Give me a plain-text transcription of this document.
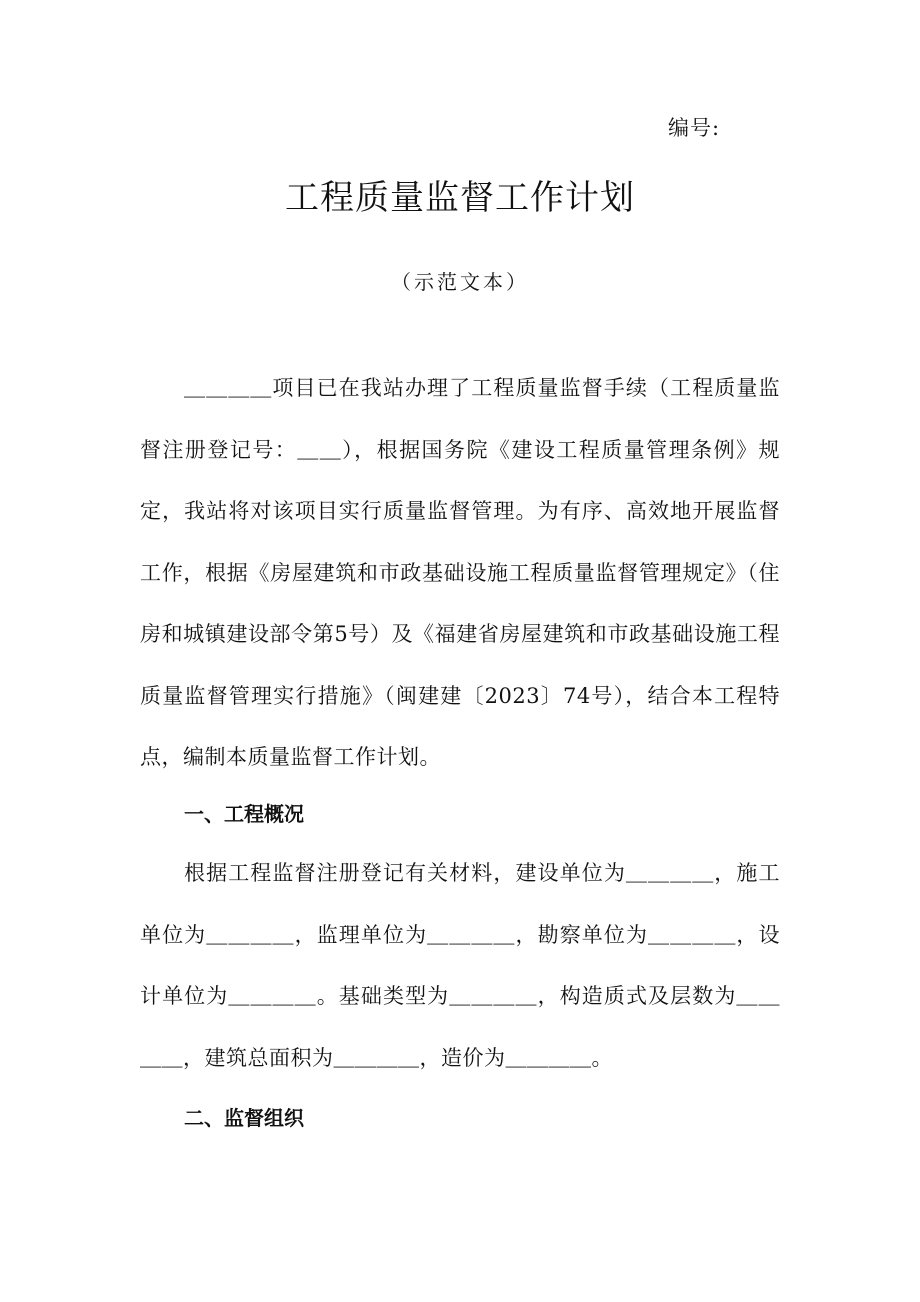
编号:
工程质量监督工作计划
（示范文本）

＿＿＿＿项目已在我站办理了工程质量监督手续（工程质量监督注册登记号：＿＿），根据国务院《建设工程质量管理条例》规定，我站将对该项目实行质量监督管理。为有序、高效地开展监督工作，根据《房屋建筑和市政基础设施工程质量监督管理规定》（住房和城镇建设部令第5号）及《福建省房屋建筑和市政基础设施工程质量监督管理实行措施》（闽建建〔2023〕74号），结合本工程特点，编制本质量监督工作计划。

一、工程概况

根据工程监督注册登记有关材料，建设单位为＿＿＿＿，施工单位为＿＿＿＿，监理单位为＿＿＿＿，勘察单位为＿＿＿＿，设计单位为＿＿＿＿。基础类型为＿＿＿＿，构造质式及层数为＿＿＿＿，建筑总面积为＿＿＿＿，造价为＿＿＿＿。

二、监督组织
